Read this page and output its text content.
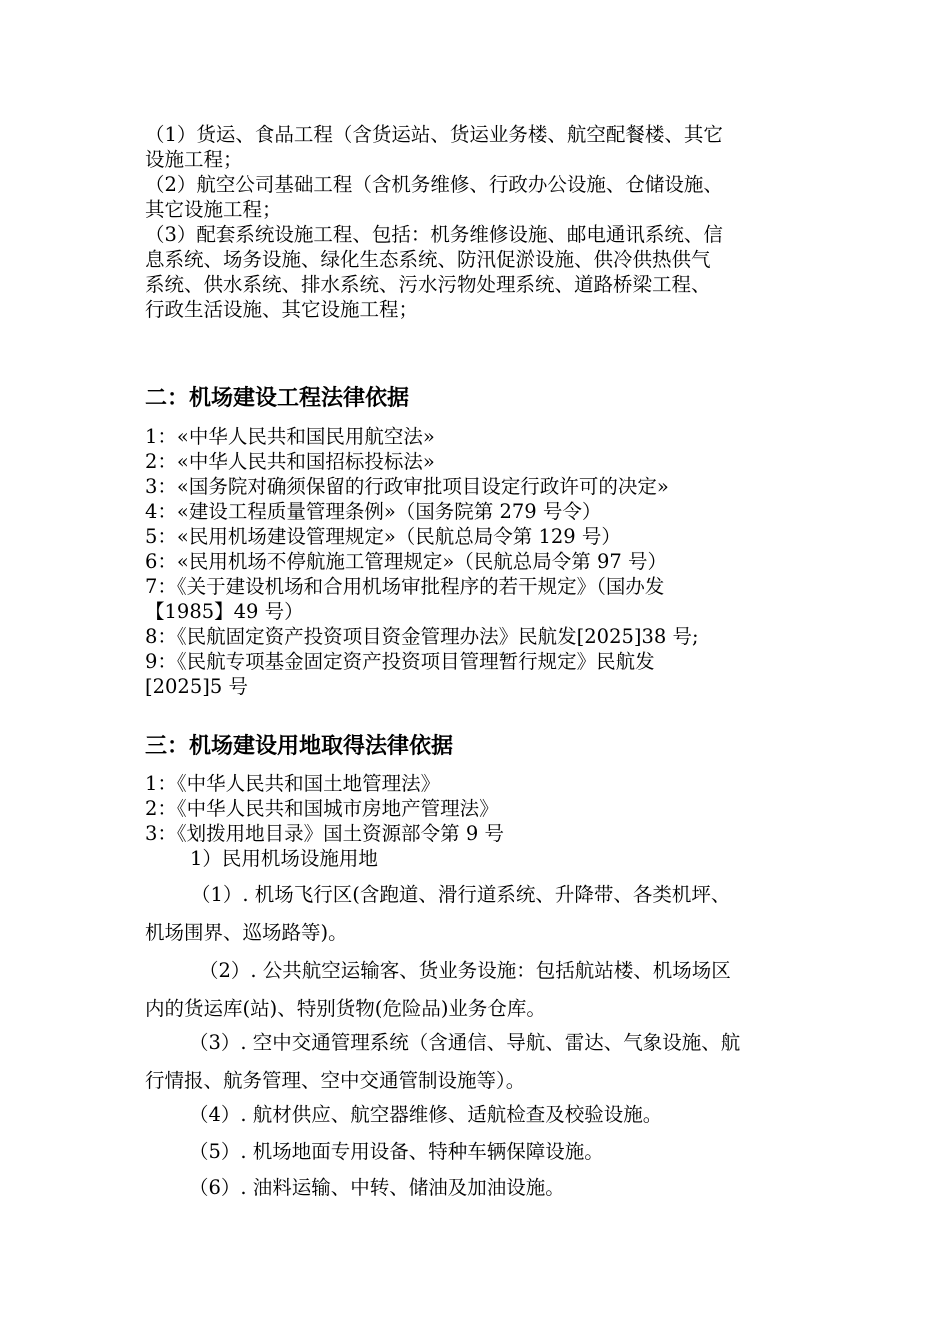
（1）货运、食品工程（含货运站、货运业务楼、航空配餐楼、其它
设施工程；
（2）航空公司基础工程（含机务维修、行政办公设施、仓储设施、
其它设施工程；
（3）配套系统设施工程、包括：机务维修设施、邮电通讯系统、信
息系统、场务设施、绿化生态系统、防汛促淤设施、供冷供热供气
系统、供水系统、排水系统、污水污物处理系统、道路桥梁工程、
行政生活设施、其它设施工程；
二：机场建设工程法律依据
1：«中华人民共和国民用航空法»
2：«中华人民共和国招标投标法»
3：«国务院对确须保留的行政审批项目设定行政许可的决定»
4：«建设工程质量管理条例»（国务院第 279 号令）
5：«民用机场建设管理规定»（民航总局令第 129 号）
6：«民用机场不停航施工管理规定»（民航总局令第 97 号）
7：《关于建设机场和合用机场审批程序的若干规定》（国办发
【1985】49 号）
8：《民航固定资产投资项目资金管理办法》民航发[2025]38 号;
9：《民航专项基金固定资产投资项目管理暂行规定》民航发
[2025]5 号
三：机场建设用地取得法律依据
1：《中华人民共和国土地管理法》
2：《中华人民共和国城市房地产管理法》
3：《划拨用地目录》国土资源部令第 9 号
1）民用机场设施用地
（1）. 机场飞行区(含跑道、滑行道系统、升降带、各类机坪、
机场围界、巡场路等)。
（2）. 公共航空运输客、货业务设施：包括航站楼、机场场区
内的货运库(站)、特别货物(危险品)业务仓库。
（3）. 空中交通管理系统（含通信、导航、雷达、气象设施、航
行情报、航务管理、空中交通管制设施等）。
（4）. 航材供应、航空器维修、适航检查及校验设施。
（5）. 机场地面专用设备、特种车辆保障设施。
（6）. 油料运输、中转、储油及加油设施。
